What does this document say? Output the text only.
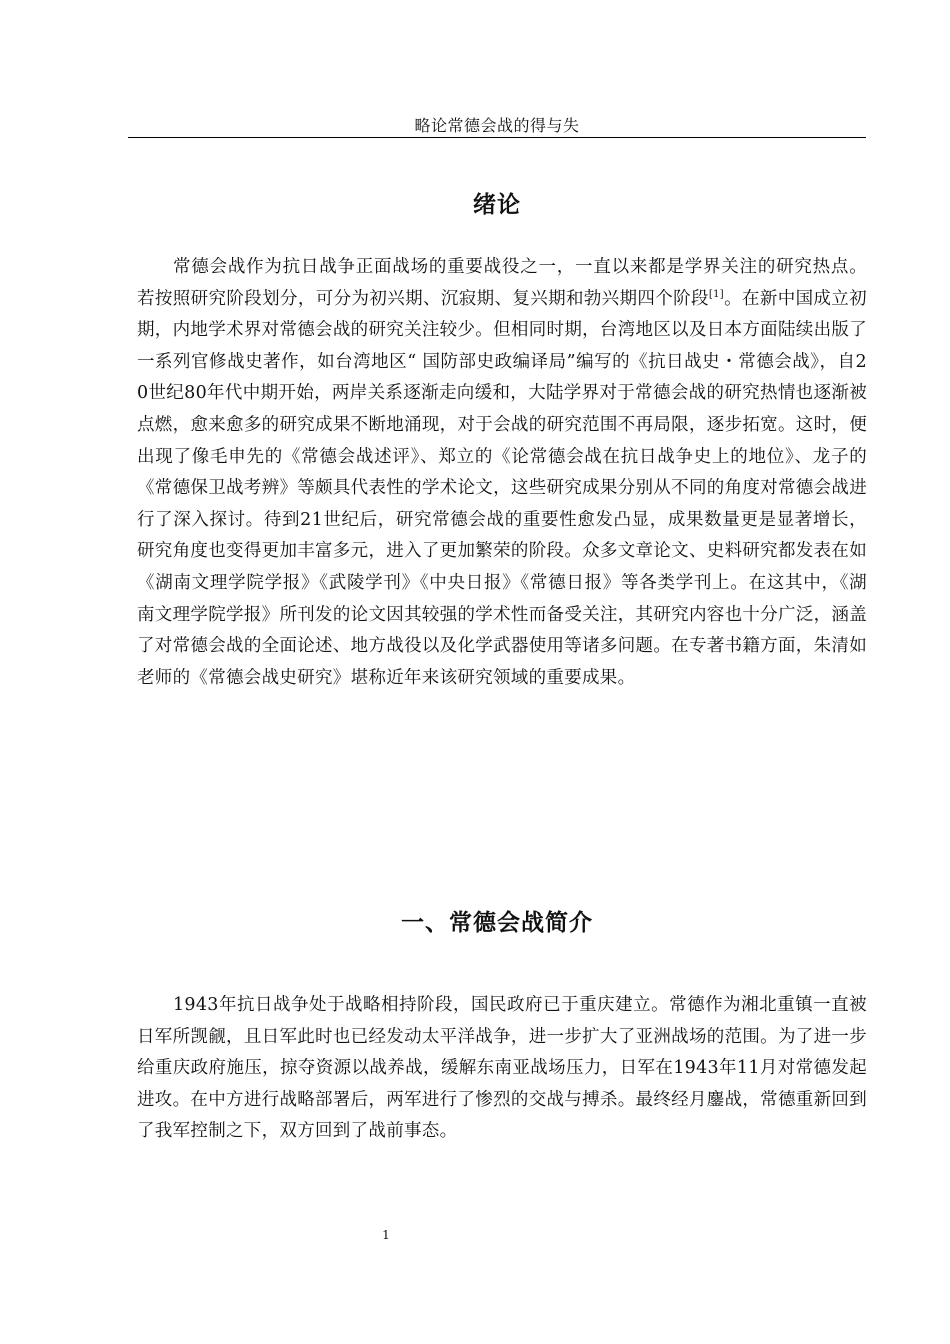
略论常德会战的得与失
绪论

常德会战作为抗日战争正面战场的重要战役之一，一直以来都是学界关注的研究热点。若按照研究阶段划分，可分为初兴期、沉寂期、复兴期和勃兴期四个阶段[1]。在新中国成立初期，内地学术界对常德会战的研究关注较少。但相同时期，台湾地区以及日本方面陆续出版了一系列官修战史著作，如台湾地区“ 国防部史政编译局”编写的《抗日战史・常德会战》，自20世纪80年代中期开始，两岸关系逐渐走向缓和，大陆学界对于常德会战的研究热情也逐渐被点燃，愈来愈多的研究成果不断地涌现，对于会战的研究范围不再局限，逐步拓宽。这时，便出现了像毛申先的《常德会战述评》、郑立的《论常德会战在抗日战争史上的地位》、龙子的《常德保卫战考辨》等颇具代表性的学术论文，这些研究成果分别从不同的角度对常德会战进行了深入探讨。待到21世纪后，研究常德会战的重要性愈发凸显，成果数量更是显著增长，研究角度也变得更加丰富多元，进入了更加繁荣的阶段。众多文章论文、史料研究都发表在如《湖南文理学院学报》《武陵学刊》《中央日报》《常德日报》等各类学刊上。在这其中，《湖南文理学院学报》所刊发的论文因其较强的学术性而备受关注，其研究内容也十分广泛，涵盖了对常德会战的全面论述、地方战役以及化学武器使用等诸多问题。在专著书籍方面，朱清如老师的《常德会战史研究》堪称近年来该研究领域的重要成果。

一、常德会战简介

1943年抗日战争处于战略相持阶段，国民政府已于重庆建立。常德作为湘北重镇一直被日军所觊觎，且日军此时也已经发动太平洋战争，进一步扩大了亚洲战场的范围。为了进一步给重庆政府施压，掠夺资源以战养战，缓解东南亚战场压力，日军在1943年11月对常德发起进攻。在中方进行战略部署后，两军进行了惨烈的交战与搏杀。最终经月鏖战，常德重新回到了我军控制之下，双方回到了战前事态。

1
